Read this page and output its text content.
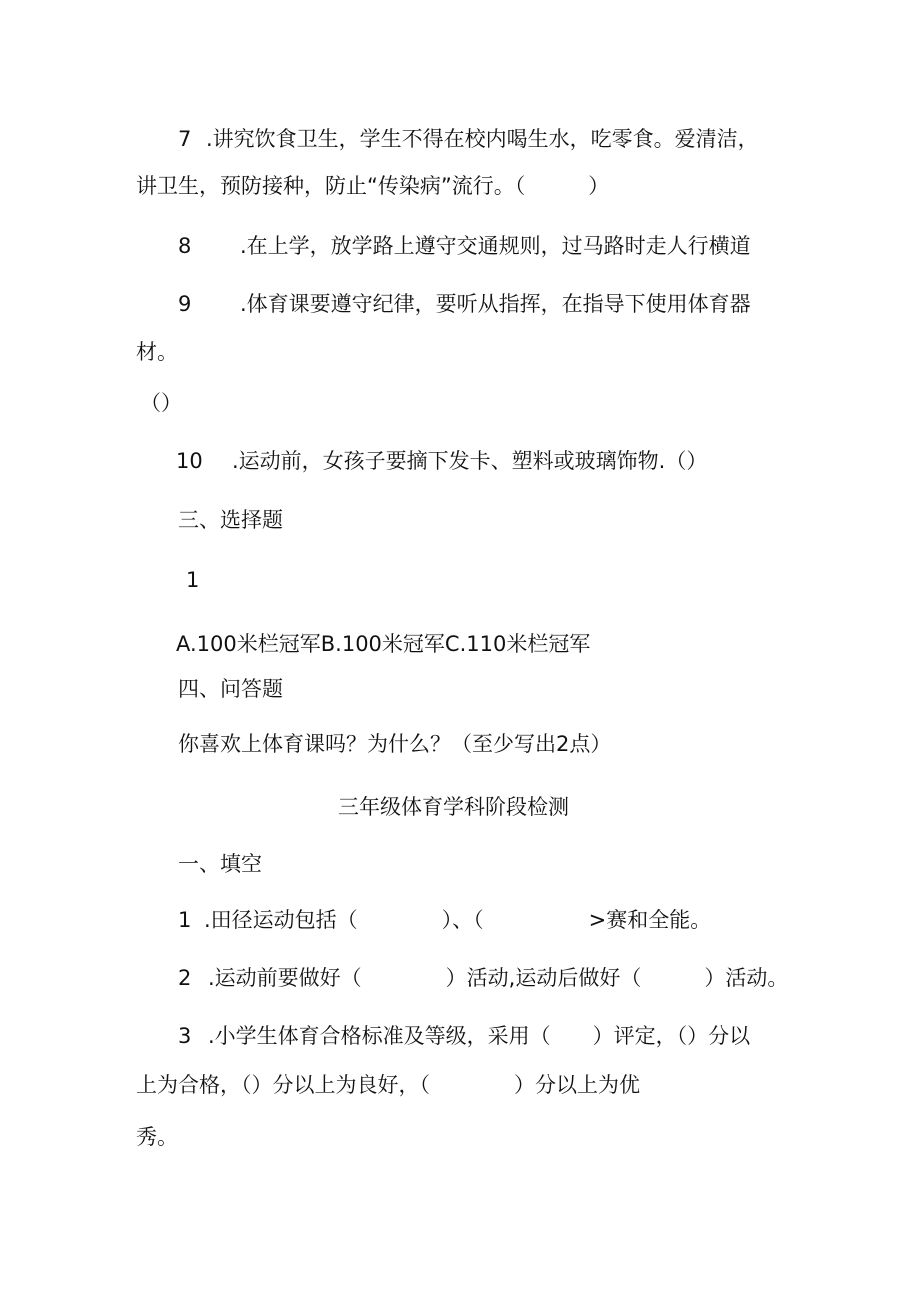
7 .讲究饮食卫生，学生不得在校内喝生水，吃零食。爱清洁，
讲卫生，预防接种，防止“传染病”流行。（　　　）
8 .在上学，放学路上遵守交通规则，过马路时走人行横道
9 .体育课要遵守纪律，要听从指挥，在指导下使用体育器
材。
（）
10 .运动前，女孩子要摘下发卡、塑料或玻璃饰物.（）
三、选择题
1
A.100米栏冠军B.100米冠军C.110米栏冠军
四、问答题
你喜欢上体育课吗？为什么？（至少写出2点）
三年级体育学科阶段检测
一、填空
1 .田径运动包括（　　　　）、（　　　　　>赛和全能。
2 .运动前要做好（　　　　）活动,运动后做好（　　　）活动。
3 .小学生体育合格标准及等级，采用（　　）评定，（）分以
上为合格，（）分以上为良好，（　　　　）分以上为优
秀。
